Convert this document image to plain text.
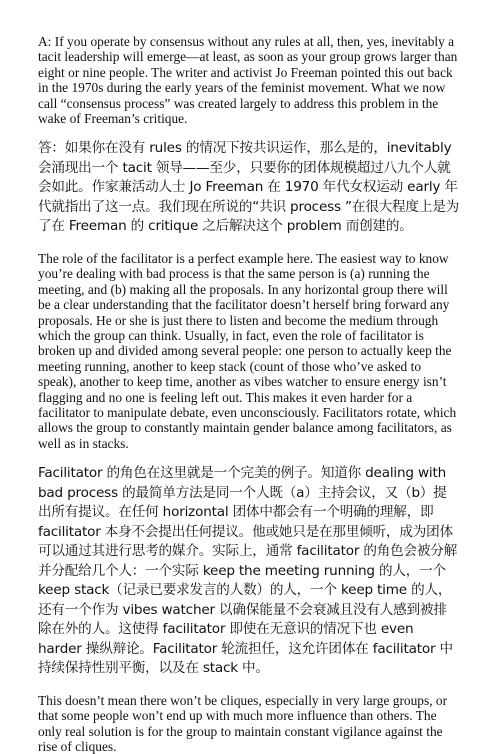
A: If you operate by consensus without any rules at all, then, yes, inevitably a tacit leadership will emerge—at least, as soon as your group grows larger than eight or nine people. The writer and activist Jo Freeman pointed this out back in the 1970s during the early years of the feminist movement. What we now call “consensus process” was created largely to address this problem in the wake of Freeman’s critique.

答：如果你在没有 rules 的情况下按共识运作，那么是的，inevitably 会涌现出一个 tacit 领导——至少，只要你的团体规模超过八九个人就会如此。作家兼活动人士 Jo Freeman 在 1970 年代女权运动 early 年代就指出了这一点。我们现在所说的“共识 process ”在很大程度上是为了在 Freeman 的 critique 之后解决这个 problem 而创建的。

The role of the facilitator is a perfect example here. The easiest way to know you’re dealing with bad process is that the same person is (a) running the meeting, and (b) making all the proposals. In any horizontal group there will be a clear understanding that the facilitator doesn’t herself bring forward any proposals. He or she is just there to listen and become the medium through which the group can think. Usually, in fact, even the role of facilitator is broken up and divided among several people: one person to actually keep the meeting running, another to keep stack (count of those who’ve asked to speak), another to keep time, another as vibes watcher to ensure energy isn’t flagging and no one is feeling left out. This makes it even harder for a facilitator to manipulate debate, even unconsciously. Facilitators rotate, which allows the group to constantly maintain gender balance among facilitators, as well as in stacks.

Facilitator 的角色在这里就是一个完美的例子。知道你 dealing with bad process 的最简单方法是同一个人既（a）主持会议，又（b）提出所有提议。在任何 horizontal 团体中都会有一个明确的理解，即 facilitator 本身不会提出任何提议。他或她只是在那里倾听，成为团体可以通过其进行思考的媒介。实际上，通常 facilitator 的角色会被分解并分配给几个人：一个实际 keep the meeting running 的人，一个 keep stack（记录已要求发言的人数）的人，一个 keep time 的人，还有一个作为 vibes watcher 以确保能量不会衰减且没有人感到被排除在外的人。这使得 facilitator 即使在无意识的情况下也 even harder 操纵辩论。Facilitator 轮流担任，这允许团体在 facilitator 中持续保持性别平衡，以及在 stack 中。

This doesn’t mean there won’t be cliques, especially in very large groups, or that some people won’t end up with much more influence than others. The only real solution is for the group to maintain constant vigilance against the rise of cliques.
